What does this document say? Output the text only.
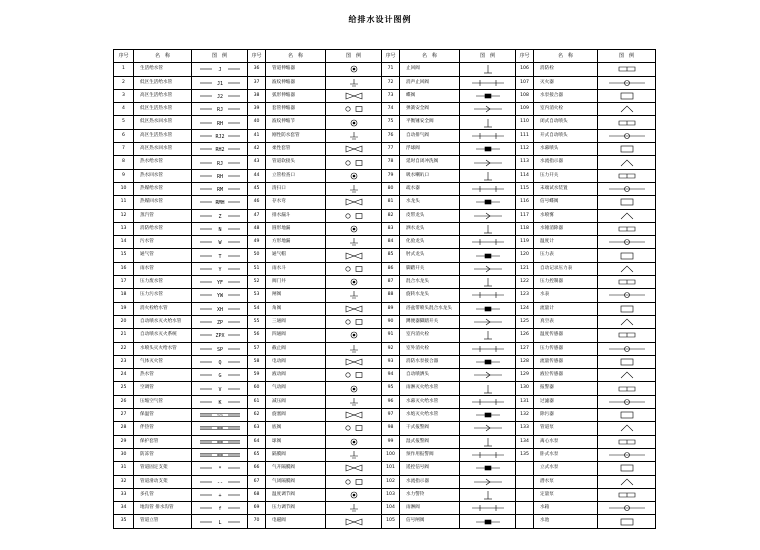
给排水设计图例
序号	名　称	图　例	序号	名　称	图　例	序号	名　称	图　例	序号	名　称	图　例
1	生活给水管	J	36	管道伸缩器		71	止回阀		106	消防栓	

2	低区生活给水管	J1	37	波纹伸缩器		72	消声止回阀		107	灭火器	

3	高区生活给水管	J2	38	弧形伸缩器		73	蝶阀		108	水泵接合器	

4	低区生活热水管	RJ	39	套管伸缩器		74	弹簧安全阀		109	室内消火栓	

5	低区热水回水管	RH	40	波纹伸缩节		75	平衡锤安全阀		110	闭式自动喷头	

6	高区生活热水管	RJ2	41	刚性防水套管		76	自动排气阀		111	开式自动喷头	

7	高区热水回水管	RH2	42	柔性套管		77	浮球阀		112	水幕喷头	

8	热水给水管	RJ	43	管道软接头		78	延时自闭冲洗阀		113	水流指示器	

9	热水回水管	RH	44	立管检查口		79	吸水喇叭口		114	压力开关	

10	热媒给水管	RM	45	清扫口		80	疏水器		115	末端试水装置	

11	热媒回水管	RMH	46	存水弯		81	水龙头		116	信号蝶阀	

12	蒸汽管	Z	47	排水漏斗		82	皮带龙头		117	水喷雾	

13	消防给水管	N	48	圆形地漏		83	洒水龙头		118	水锤消除器	

14	污水管	W	49	方形地漏		84	化验龙头		119	温度计	

15	通气管	T	50	通气帽		85	肘式龙头		120	压力表	

16	雨水管	Y	51	雨水斗		86	脚踏开关		121	自动记录压力表	

17	压力废水管	YF	52	阀门井		87	混合水龙头		122	压力控制器	

18	压力污水管	YW	53	闸阀		88	旋转水龙头		123	水表	

19	消火栓给水管	XH	54	角阀		89	浴盆带喷头混合水龙头		124	流量计	

20	自动喷水灭火给水管	ZP	55	三通阀		90	蹲便器脚踏开关		125	真空表	

21	自动喷水灭火系统	ZPX	56	四通阀		91	室内消火栓		126	温度传感器	

22	水喷头灭火给水管	SP	57	截止阀		92	室外消火栓		127	压力传感器	

23	气体灭火管	Q	58	电动阀		93	消防水泵接合器		128	流量传感器	

24	热水管	G	59	液动阀		94	自动喷洒头		129	液位传感器	

25	空调管	V	60	气动阀		95	雨淋灭火给水管		130	报警器	

26	压缩空气管	K	61	减压阀		96	水幕灭火给水管		131	过滤器	

27	保温管	~~	62	旋塞阀		97	水炮灭火给水管		132	除污器	

28	伴热管	==	63	底阀		98	干式报警阀		133	管道泵	

29	保护套管	==	64	球阀		99	湿式报警阀		134	离心水泵	

30	防冻管	==	65	隔膜阀		100	预作用报警阀		135	卧式水泵	

31	管道固定支架	*	66	气开隔膜阀		101	遥控信号阀			立式水泵	

32	管道滑动支架	--	67	气闭隔膜阀		102	水流指示器			潜水泵	

33	多孔管	+	68	温度调节阀		103	水力警铃			定量泵	

34	地沟管 排水沟管	f	69	压力调节阀		104	雨淋阀			水箱	

35	管道立管	L	70	电磁阀		105	信号闸阀			水池	
